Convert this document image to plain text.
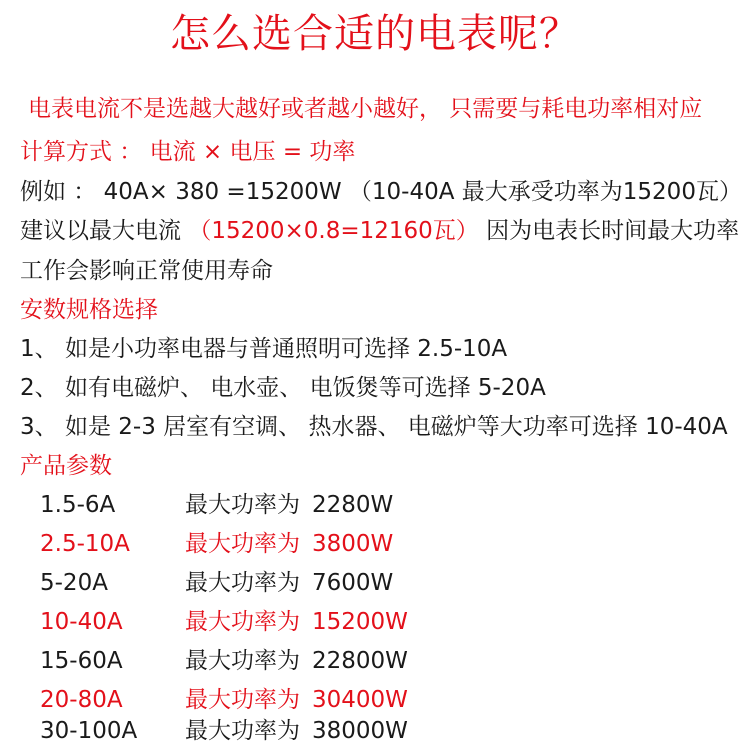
怎么选合适的电表呢？
电表电流不是选越大越好或者越小越好， 只需要与耗电功率相对应
计算方式 ： 电流 × 电压 = 功率
例如 ： 40A× 380 =15200W （10-40A 最大承受功率为15200瓦）
建议以最大电流 （15200×0.8=12160瓦） 因为电表长时间最大功率
工作会影响正常使用寿命
安数规格选择
1、 如是小功率电器与普通照明可选择 2.5-10A
2、 如有电磁炉、 电水壶、 电饭煲等可选择 5-20A
3、 如是 2-3 居室有空调、 热水器、 电磁炉等大功率可选择 10-40A
产品参数
1.5-6A	最大功率为 2280W
2.5-10A 最大功率为 3800W
5-20A	最大功率为 7600W
10-40A	最大功率为 15200W
15-60A	最大功率为 22800W
20-80A	最大功率为 30400W
30-100A 最大功率为 38000W
